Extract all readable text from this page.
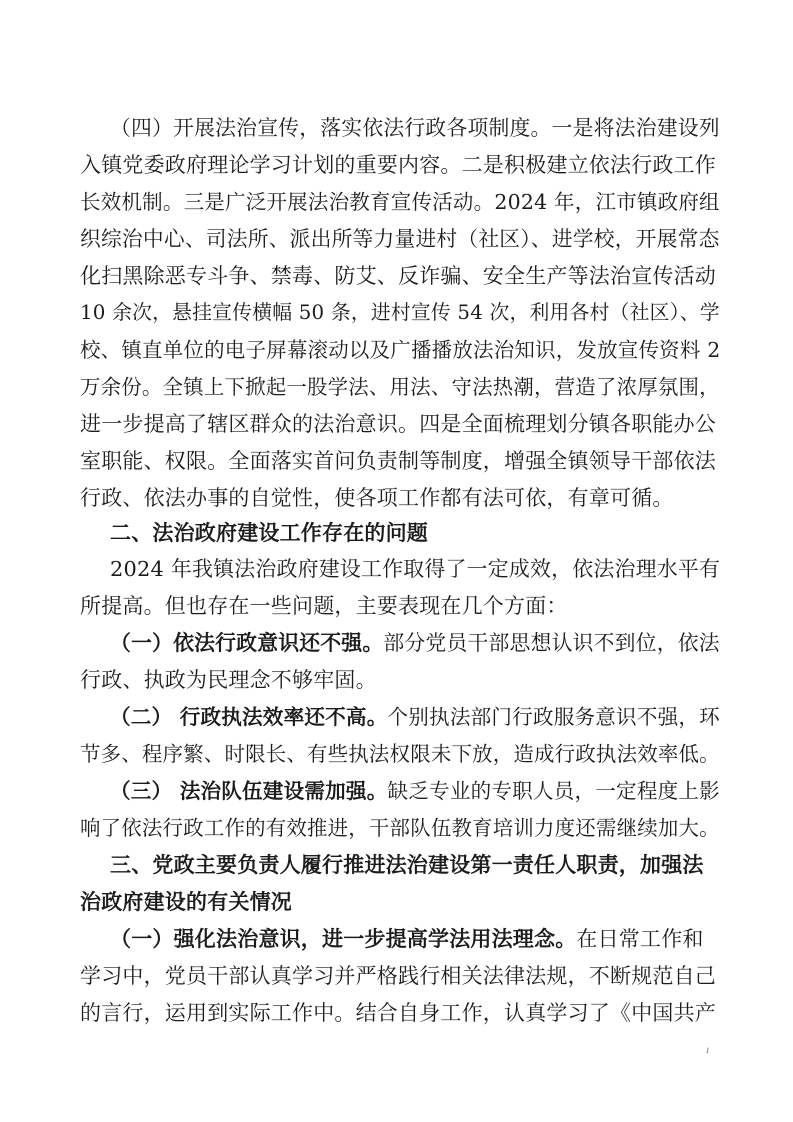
（四）开展法治宣传，落实依法行政各项制度。一是将法治建设列
入镇党委政府理论学习计划的重要内容。二是积极建立依法行政工作
长效机制。三是广泛开展法治教育宣传活动。2024 年，江市镇政府组
织综治中心、司法所、派出所等力量进村（社区）、进学校，开展常态
化扫黑除恶专斗争、禁毒、防艾、反诈骗、安全生产等法治宣传活动
10 余次，悬挂宣传横幅 50 条，进村宣传 54 次，利用各村（社区）、学
校、镇直单位的电子屏幕滚动以及广播播放法治知识，发放宣传资料 2
万余份。全镇上下掀起一股学法、用法、守法热潮，营造了浓厚氛围，
进一步提高了辖区群众的法治意识。四是全面梳理划分镇各职能办公
室职能、权限。全面落实首问负责制等制度，增强全镇领导干部依法
行政、依法办事的自觉性，使各项工作都有法可依，有章可循。
二、法治政府建设工作存在的问题
2024 年我镇法治政府建设工作取得了一定成效，依法治理水平有
所提高。但也存在一些问题，主要表现在几个方面：
（一）依法行政意识还不强。部分党员干部思想认识不到位，依法
行政、执政为民理念不够牢固。
（二） 行政执法效率还不高。个别执法部门行政服务意识不强，环
节多、程序繁、时限长、有些执法权限未下放，造成行政执法效率低。
（三） 法治队伍建设需加强。缺乏专业的专职人员，一定程度上影
响了依法行政工作的有效推进，干部队伍教育培训力度还需继续加大。
三、党政主要负责人履行推进法治建设第一责任人职责，加强法
治政府建设的有关情况
（一）强化法治意识，进一步提高学法用法理念。在日常工作和
学习中，党员干部认真学习并严格践行相关法律法规，不断规范自己
的言行，运用到实际工作中。结合自身工作，认真学习了《中国共产
ı
